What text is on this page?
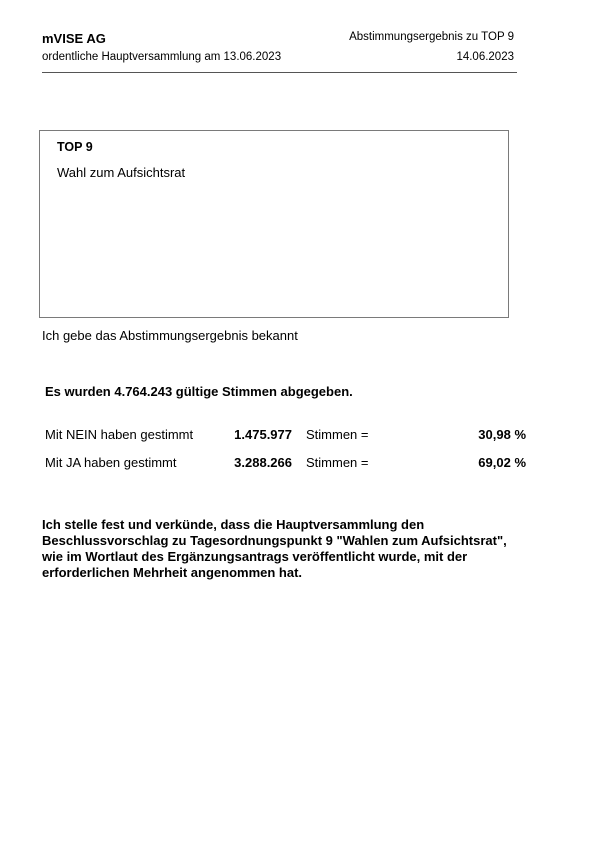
mVISE AG
ordentliche Hauptversammlung am 13.06.2023
Abstimmungsergebnis zu TOP 9
14.06.2023
TOP 9
Wahl zum Aufsichtsrat
Ich gebe das Abstimmungsergebnis bekannt
Es wurden 4.764.243 gültige Stimmen abgegeben.
Mit NEIN haben gestimmt	1.475.977 Stimmen =	30,98 %
Mit JA haben gestimmt	3.288.266 Stimmen =	69,02 %
Ich stelle fest und verkünde, dass die Hauptversammlung den Beschlussvorschlag zu Tagesordnungspunkt 9 "Wahlen zum Aufsichtsrat", wie im Wortlaut des Ergänzungsantrags veröffentlicht wurde, mit der erforderlichen Mehrheit angenommen hat.
